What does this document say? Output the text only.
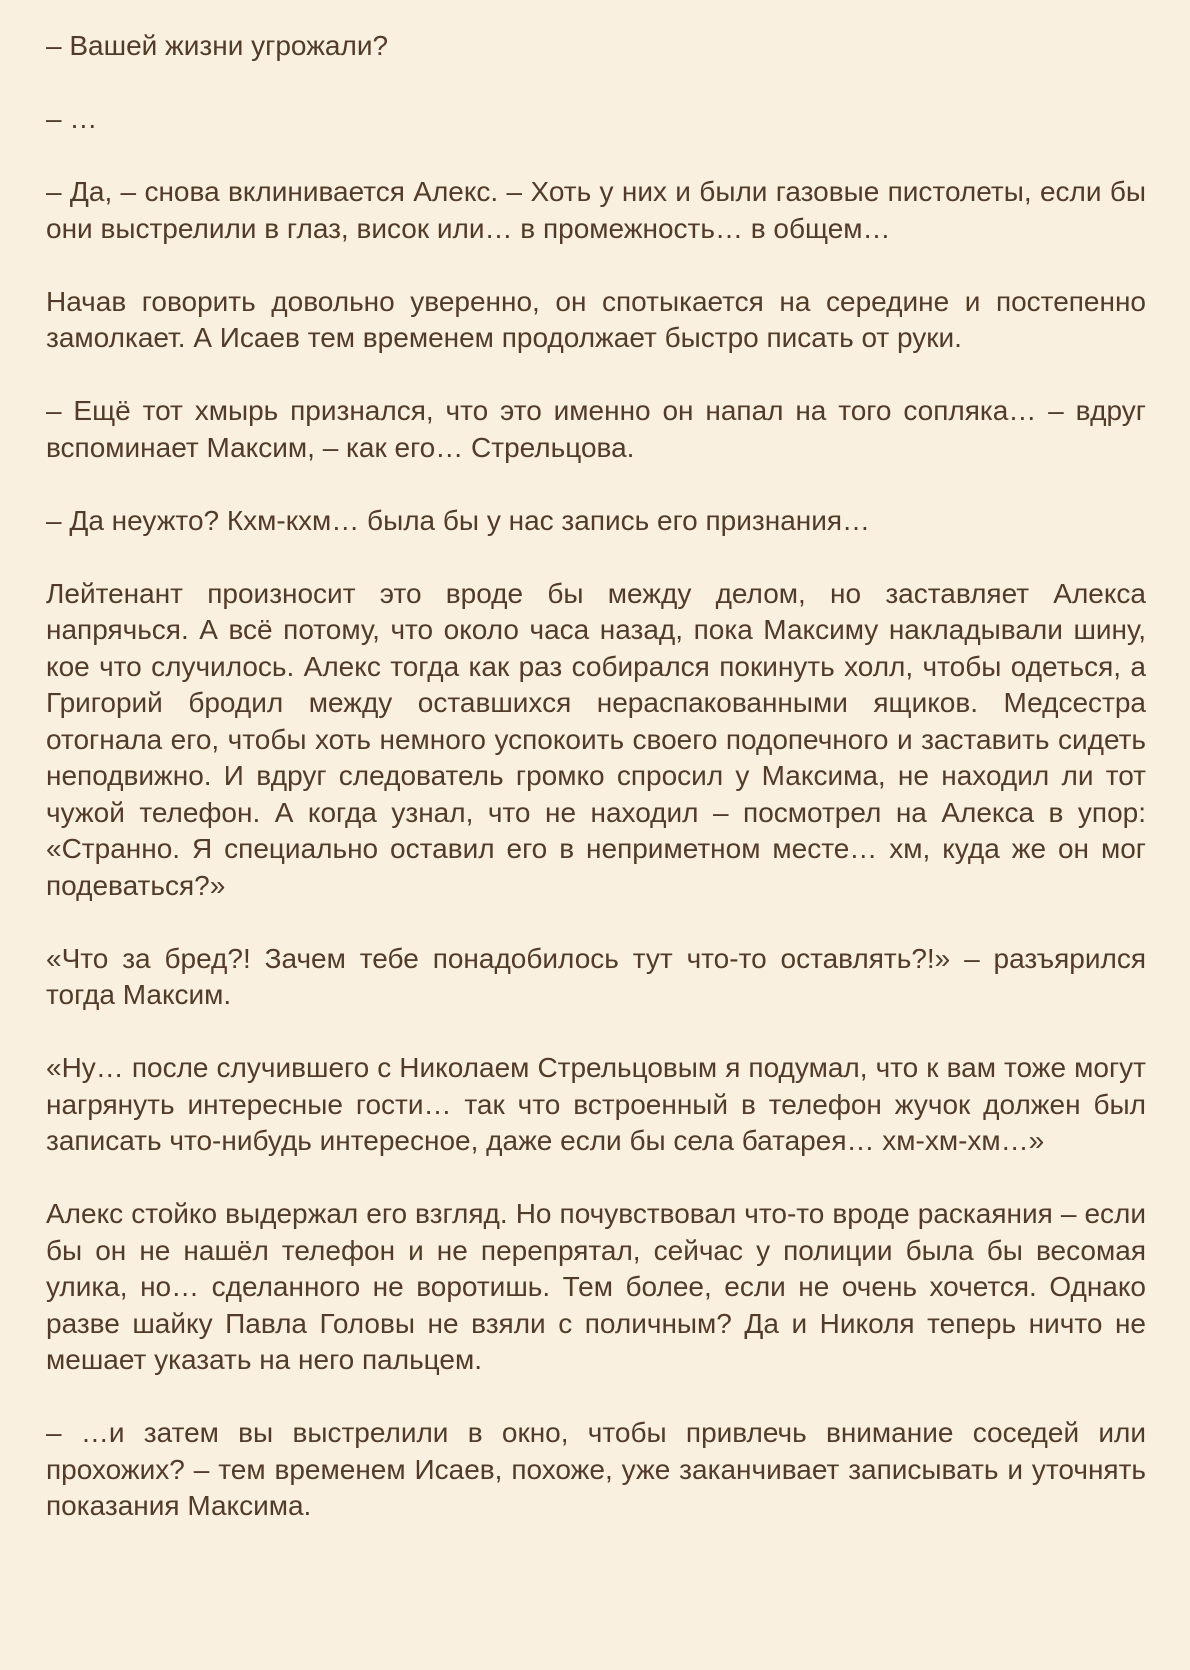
– Вашей жизни угрожали?

– …

– Да, – снова вклинивается Алекс. – Хоть у них и были газовые пистолеты, если бы они выстрелили в глаз, висок или… в промежность… в общем…

Начав говорить довольно уверенно, он спотыкается на середине и постепенно замолкает. А Исаев тем временем продолжает быстро писать от руки.

– Ещё тот хмырь признался, что это именно он напал на того сопляка… – вдруг вспоминает Максим, – как его… Стрельцова.

– Да неужто? Кхм-кхм… была бы у нас запись его признания…

Лейтенант произносит это вроде бы между делом, но заставляет Алекса напрячься. А всё потому, что около часа назад, пока Максиму накладывали шину, кое что случилось. Алекс тогда как раз собирался покинуть холл, чтобы одеться, а Григорий бродил между оставшихся нераспакованными ящиков. Медсестра отогнала его, чтобы хоть немного успокоить своего подопечного и заставить сидеть неподвижно. И вдруг следователь громко спросил у Максима, не находил ли тот чужой телефон. А когда узнал, что не находил – посмотрел на Алекса в упор: «Странно. Я специально оставил его в неприметном месте… хм, куда же он мог подеваться?»

«Что за бред?! Зачем тебе понадобилось тут что-то оставлять?!» – разъярился тогда Максим.

«Ну… после случившего с Николаем Стрельцовым я подумал, что к вам тоже могут нагрянуть интересные гости… так что встроенный в телефон жучок должен был записать что-нибудь интересное, даже если бы села батарея… хм-хм-хм…»

Алекс стойко выдержал его взгляд. Но почувствовал что-то вроде раскаяния – если бы он не нашёл телефон и не перепрятал, сейчас у полиции была бы весомая улика, но… сделанного не воротишь. Тем более, если не очень хочется. Однако разве шайку Павла Головы не взяли с поличным? Да и Николя теперь ничто не мешает указать на него пальцем.

– …и затем вы выстрелили в окно, чтобы привлечь внимание соседей или прохожих? – тем временем Исаев, похоже, уже заканчивает записывать и уточнять показания Максима.
